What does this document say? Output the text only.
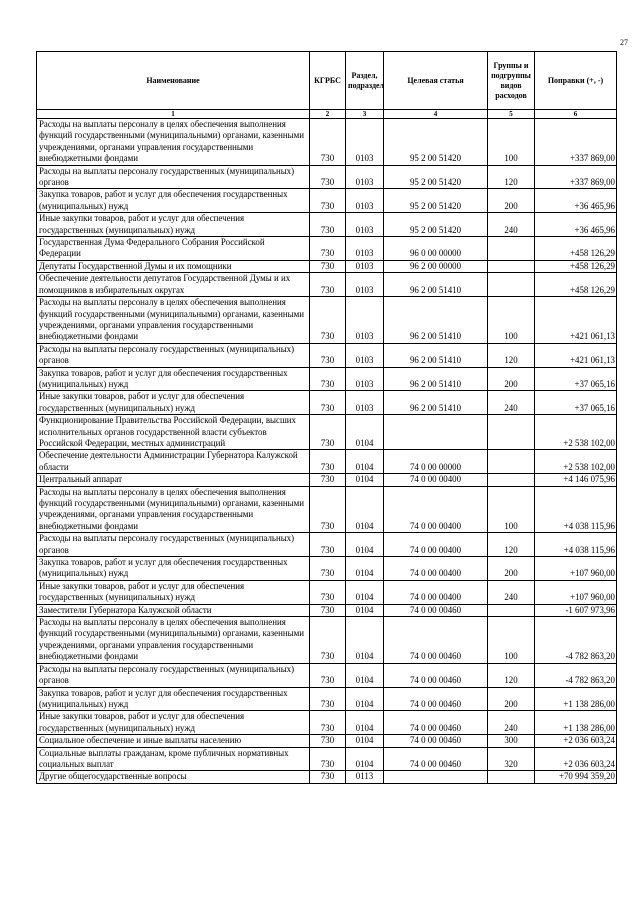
27
Наименование	КГРБС	Раздел, подраздел	Целевая статья	Группы и подгруппы видов расходов	Поправки (+, -)
1	2	3	4	5	6
Расходы на выплаты персоналу в целях обеспечения выполнения функций государственными (муниципальными) органами, казенными учреждениями, органами управления государственными внебюджетными фондами	730	0103	95 2 00 51420	100	+337 869,00
Расходы на выплаты персоналу государственных (муниципальных) органов	730	0103	95 2 00 51420	120	+337 869,00
Закупка товаров, работ и услуг для обеспечения государственных (муниципальных) нужд	730	0103	95 2 00 51420	200	+36 465,96
Иные закупки товаров, работ и услуг для обеспечения государственных (муниципальных) нужд	730	0103	95 2 00 51420	240	+36 465,96
Государственная Дума Федерального Собрания Российской Федерации	730	0103	96 0 00 00000		+458 126,29
Депутаты Государственной Думы и их помощники	730	0103	96 2 00 00000		+458 126,29
Обеспечение деятельности депутатов Государственной Думы и их помощников в избирательных округах	730	0103	96 2 00 51410		+458 126,29
Расходы на выплаты персоналу в целях обеспечения выполнения функций государственными (муниципальными) органами, казенными учреждениями, органами управления государственными внебюджетными фондами	730	0103	96 2 00 51410	100	+421 061,13
Расходы на выплаты персоналу государственных (муниципальных) органов	730	0103	96 2 00 51410	120	+421 061,13
Закупка товаров, работ и услуг для обеспечения государственных (муниципальных) нужд	730	0103	96 2 00 51410	200	+37 065,16
Иные закупки товаров, работ и услуг для обеспечения государственных (муниципальных) нужд	730	0103	96 2 00 51410	240	+37 065,16
Функционирование Правительства Российской Федерации, высших исполнительных органов государственной власти субъектов Российской Федерации, местных администраций	730	0104			+2 538 102,00
Обеспечение деятельности Администрации Губернатора Калужской области	730	0104	74 0 00 00000		+2 538 102,00
Центральный аппарат	730	0104	74 0 00 00400		+4 146 075,96
Расходы на выплаты персоналу в целях обеспечения выполнения функций государственными (муниципальными) органами, казенными учреждениями, органами управления государственными внебюджетными фондами	730	0104	74 0 00 00400	100	+4 038 115,96
Расходы на выплаты персоналу государственных (муниципальных) органов	730	0104	74 0 00 00400	120	+4 038 115,96
Закупка товаров, работ и услуг для обеспечения государственных (муниципальных) нужд	730	0104	74 0 00 00400	200	+107 960,00
Иные закупки товаров, работ и услуг для обеспечения государственных (муниципальных) нужд	730	0104	74 0 00 00400	240	+107 960,00
Заместители Губернатора Калужской области	730	0104	74 0 00 00460		-1 607 973,96
Расходы на выплаты персоналу в целях обеспечения выполнения функций государственными (муниципальными) органами, казенными учреждениями, органами управления государственными внебюджетными фондами	730	0104	74 0 00 00460	100	-4 782 863,20
Расходы на выплаты персоналу государственных (муниципальных) органов	730	0104	74 0 00 00460	120	-4 782 863,20
Закупка товаров, работ и услуг для обеспечения государственных (муниципальных) нужд	730	0104	74 0 00 00460	200	+1 138 286,00
Иные закупки товаров, работ и услуг для обеспечения государственных (муниципальных) нужд	730	0104	74 0 00 00460	240	+1 138 286,00
Социальное обеспечение и иные выплаты населению	730	0104	74 0 00 00460	300	+2 036 603,24
Социальные выплаты гражданам, кроме публичных нормативных социальных выплат	730	0104	74 0 00 00460	320	+2 036 603,24
Другие общегосударственные вопросы	730	0113			+70 994 359,20
